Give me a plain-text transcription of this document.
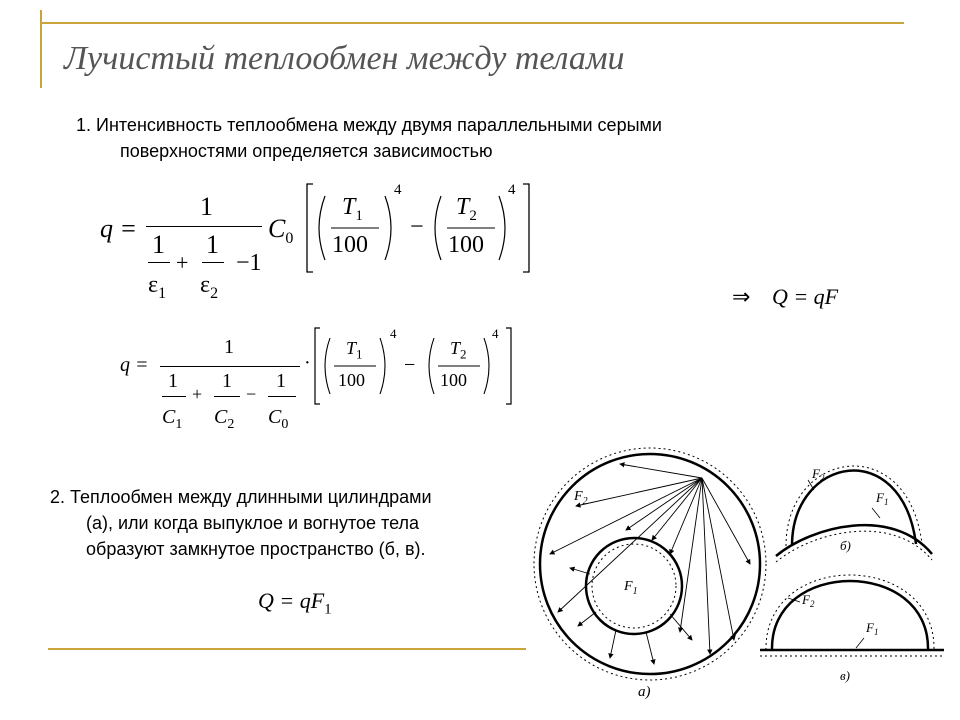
Лучистый теплообмен между телами
1. Интенсивность теплообмена между двумя параллельными серыми
поверхностями определяется зависимостью
q =
1
1
+
1
−1
$\varepsilon_1$ $\varepsilon_2$
$C_0$
$T_1$
100
4
−
$T_2$
100
4
⇒ Q = qF
q =
1
1
+
1
−
1
$C_1$ $C_2$ $C_0$
·
$T_1$
100
4
−
$T_2$
100
4
2. Теплообмен между длинными цилиндрами
(а), или когда выпуклое и вогнутое тела
образуют замкнутое пространство (б, в).
$Q = qF_1$
$F_2$
$F_1$
а)
$F_2$
$F_1$
б)
$F_2$
$F_1$
в)
